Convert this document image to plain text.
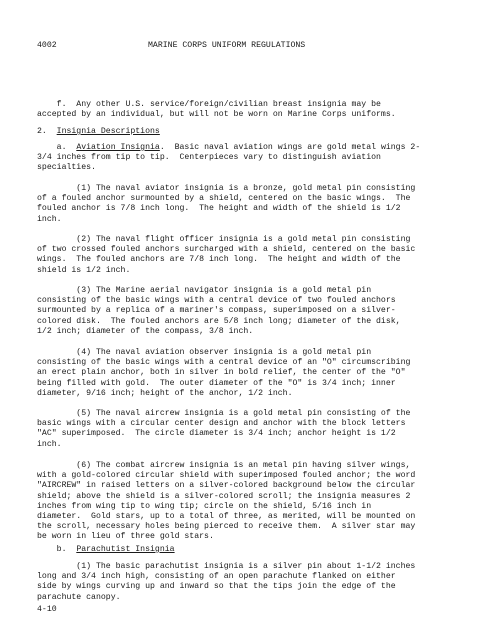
4002	MARINE CORPS UNIFORM REGULATIONS

f.  Any other U.S. service/foreign/civilian breast insignia may be
accepted by an individual, but will not be worn on Marine Corps uniforms.

2.  Insignia Descriptions

a.  Aviation Insignia.  Basic naval aviation wings are gold metal wings 2-
3/4 inches from tip to tip.  Centerpieces vary to distinguish aviation
specialties.

(1) The naval aviator insignia is a bronze, gold metal pin consisting
of a fouled anchor surmounted by a shield, centered on the basic wings.  The
fouled anchor is 7/8 inch long.  The height and width of the shield is 1/2
inch.

(2) The naval flight officer insignia is a gold metal pin consisting
of two crossed fouled anchors surcharged with a shield, centered on the basic
wings.  The fouled anchors are 7/8 inch long.  The height and width of the
shield is 1/2 inch.

(3) The Marine aerial navigator insignia is a gold metal pin
consisting of the basic wings with a central device of two fouled anchors
surmounted by a replica of a mariner's compass, superimposed on a silver-
colored disk.  The fouled anchors are 5/8 inch long; diameter of the disk,
1/2 inch; diameter of the compass, 3/8 inch.

(4) The naval aviation observer insignia is a gold metal pin
consisting of the basic wings with a central device of an "O" circumscribing
an erect plain anchor, both in silver in bold relief, the center of the "O"
being filled with gold.  The outer diameter of the "O" is 3/4 inch; inner
diameter, 9/16 inch; height of the anchor, 1/2 inch.

(5) The naval aircrew insignia is a gold metal pin consisting of the
basic wings with a circular center design and anchor with the block letters
"AC" superimposed.  The circle diameter is 3/4 inch; anchor height is 1/2
inch.

(6) The combat aircrew insignia is an metal pin having silver wings,
with a gold-colored circular shield with superimposed fouled anchor; the word
"AIRCREW" in raised letters on a silver-colored background below the circular
shield; above the shield is a silver-colored scroll; the insignia measures 2
inches from wing tip to wing tip; circle on the shield, 5/16 inch in
diameter.  Gold stars, up to a total of three, as merited, will be mounted on
the scroll, necessary holes being pierced to receive them.  A silver star may
be worn in lieu of three gold stars.

b.  Parachutist Insignia

(1) The basic parachutist insignia is a silver pin about 1-1/2 inches
long and 3/4 inch high, consisting of an open parachute flanked on either
side by wings curving up and inward so that the tips join the edge of the
parachute canopy.

4-10
